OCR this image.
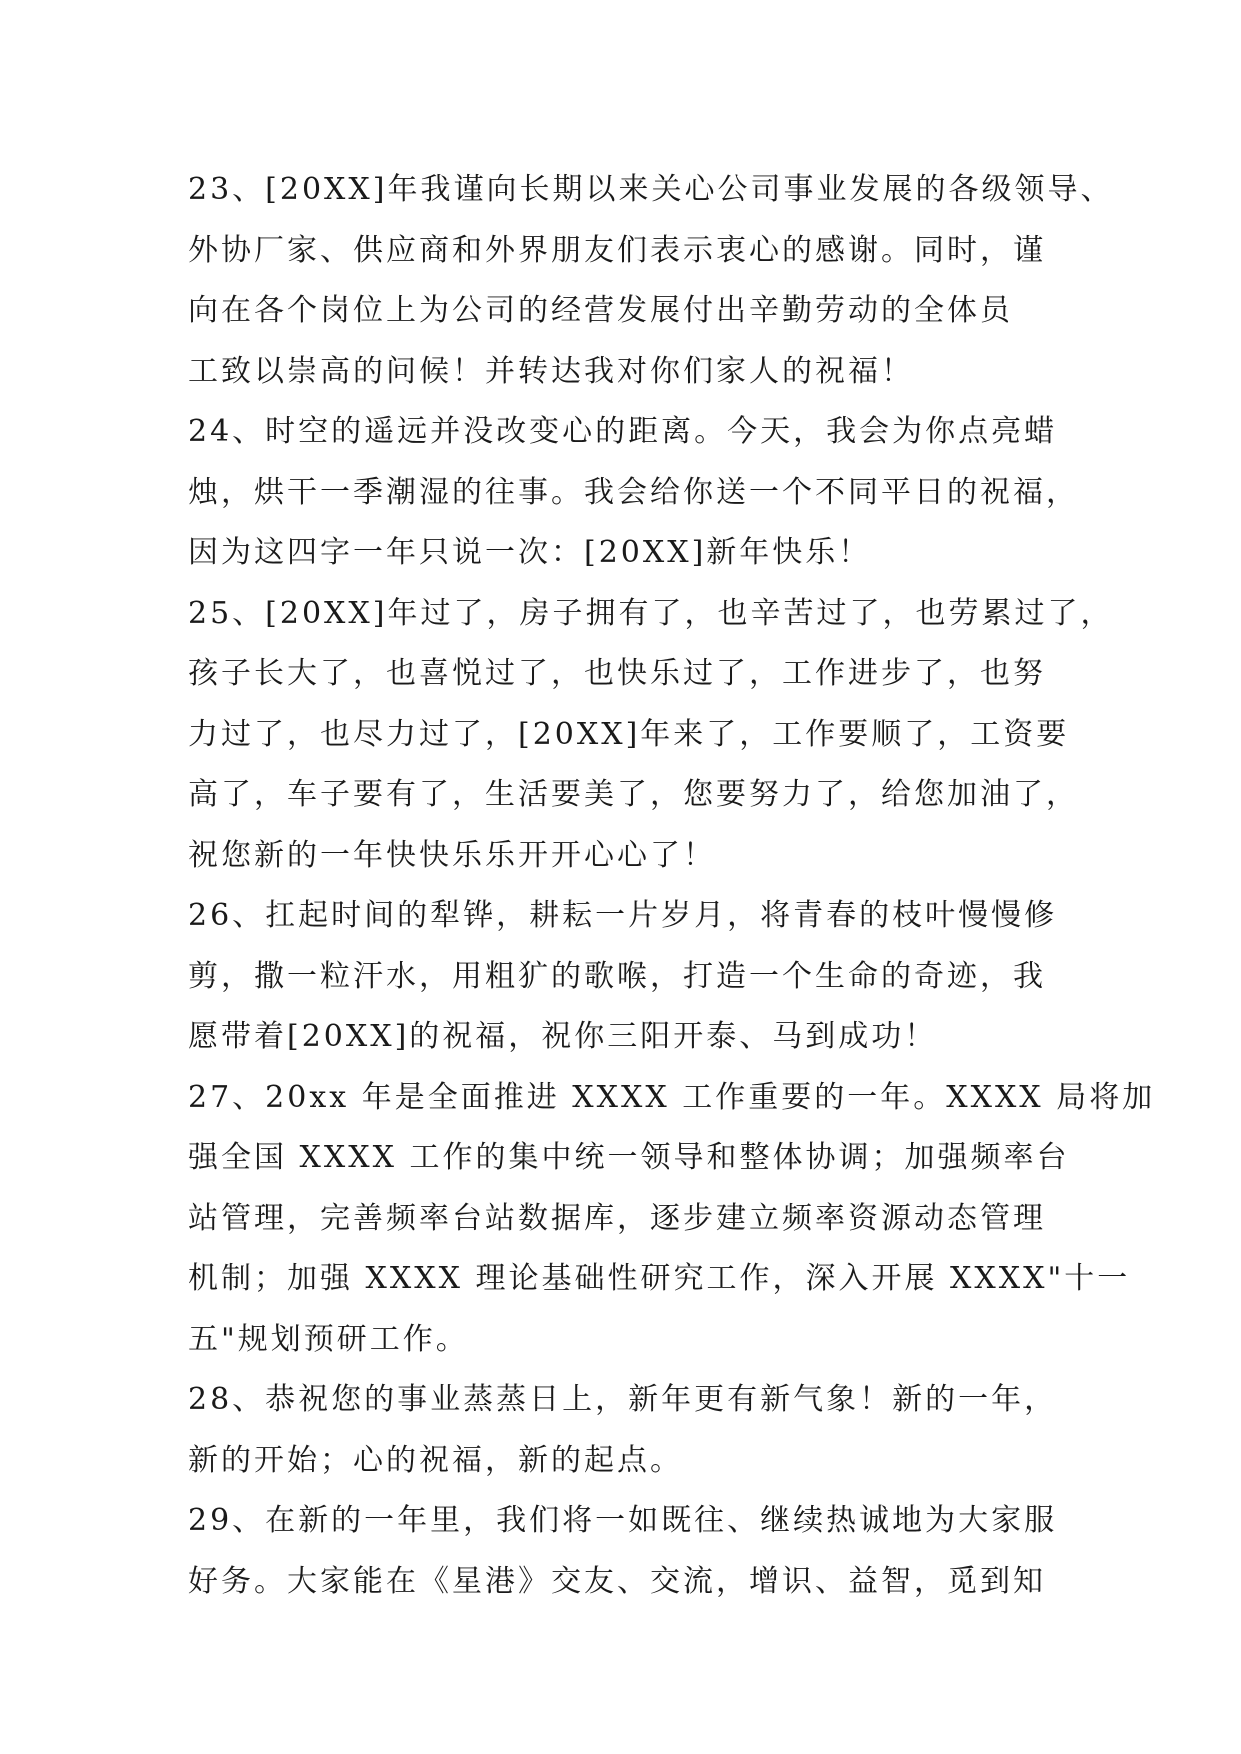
23、[20XX]年我谨向长期以来关心公司事业发展的各级领导、
外协厂家、供应商和外界朋友们表示衷心的感谢。同时，谨
向在各个岗位上为公司的经营发展付出辛勤劳动的全体员
工致以崇高的问候！并转达我对你们家人的祝福！
24、时空的遥远并没改变心的距离。今天，我会为你点亮蜡
烛，烘干一季潮湿的往事。我会给你送一个不同平日的祝福，
因为这四字一年只说一次：[20XX]新年快乐！
25、[20XX]年过了，房子拥有了，也辛苦过了，也劳累过了，
孩子长大了，也喜悦过了，也快乐过了，工作进步了，也努
力过了，也尽力过了，[20XX]年来了，工作要顺了，工资要
高了，车子要有了，生活要美了，您要努力了，给您加油了，
祝您新的一年快快乐乐开开心心了！
26、扛起时间的犁铧，耕耘一片岁月，将青春的枝叶慢慢修
剪，撒一粒汗水，用粗犷的歌喉，打造一个生命的奇迹，我
愿带着[20XX]的祝福，祝你三阳开泰、马到成功！
27、20xx 年是全面推进 XXXX 工作重要的一年。XXXX 局将加
强全国 XXXX 工作的集中统一领导和整体协调；加强频率台
站管理，完善频率台站数据库，逐步建立频率资源动态管理
机制；加强 XXXX 理论基础性研究工作，深入开展 XXXX"十一
五"规划预研工作。
28、恭祝您的事业蒸蒸日上，新年更有新气象！新的一年，
新的开始；心的祝福，新的起点。
29、在新的一年里，我们将一如既往、继续热诚地为大家服
好务。大家能在《星港》交友、交流，增识、益智，觅到知
